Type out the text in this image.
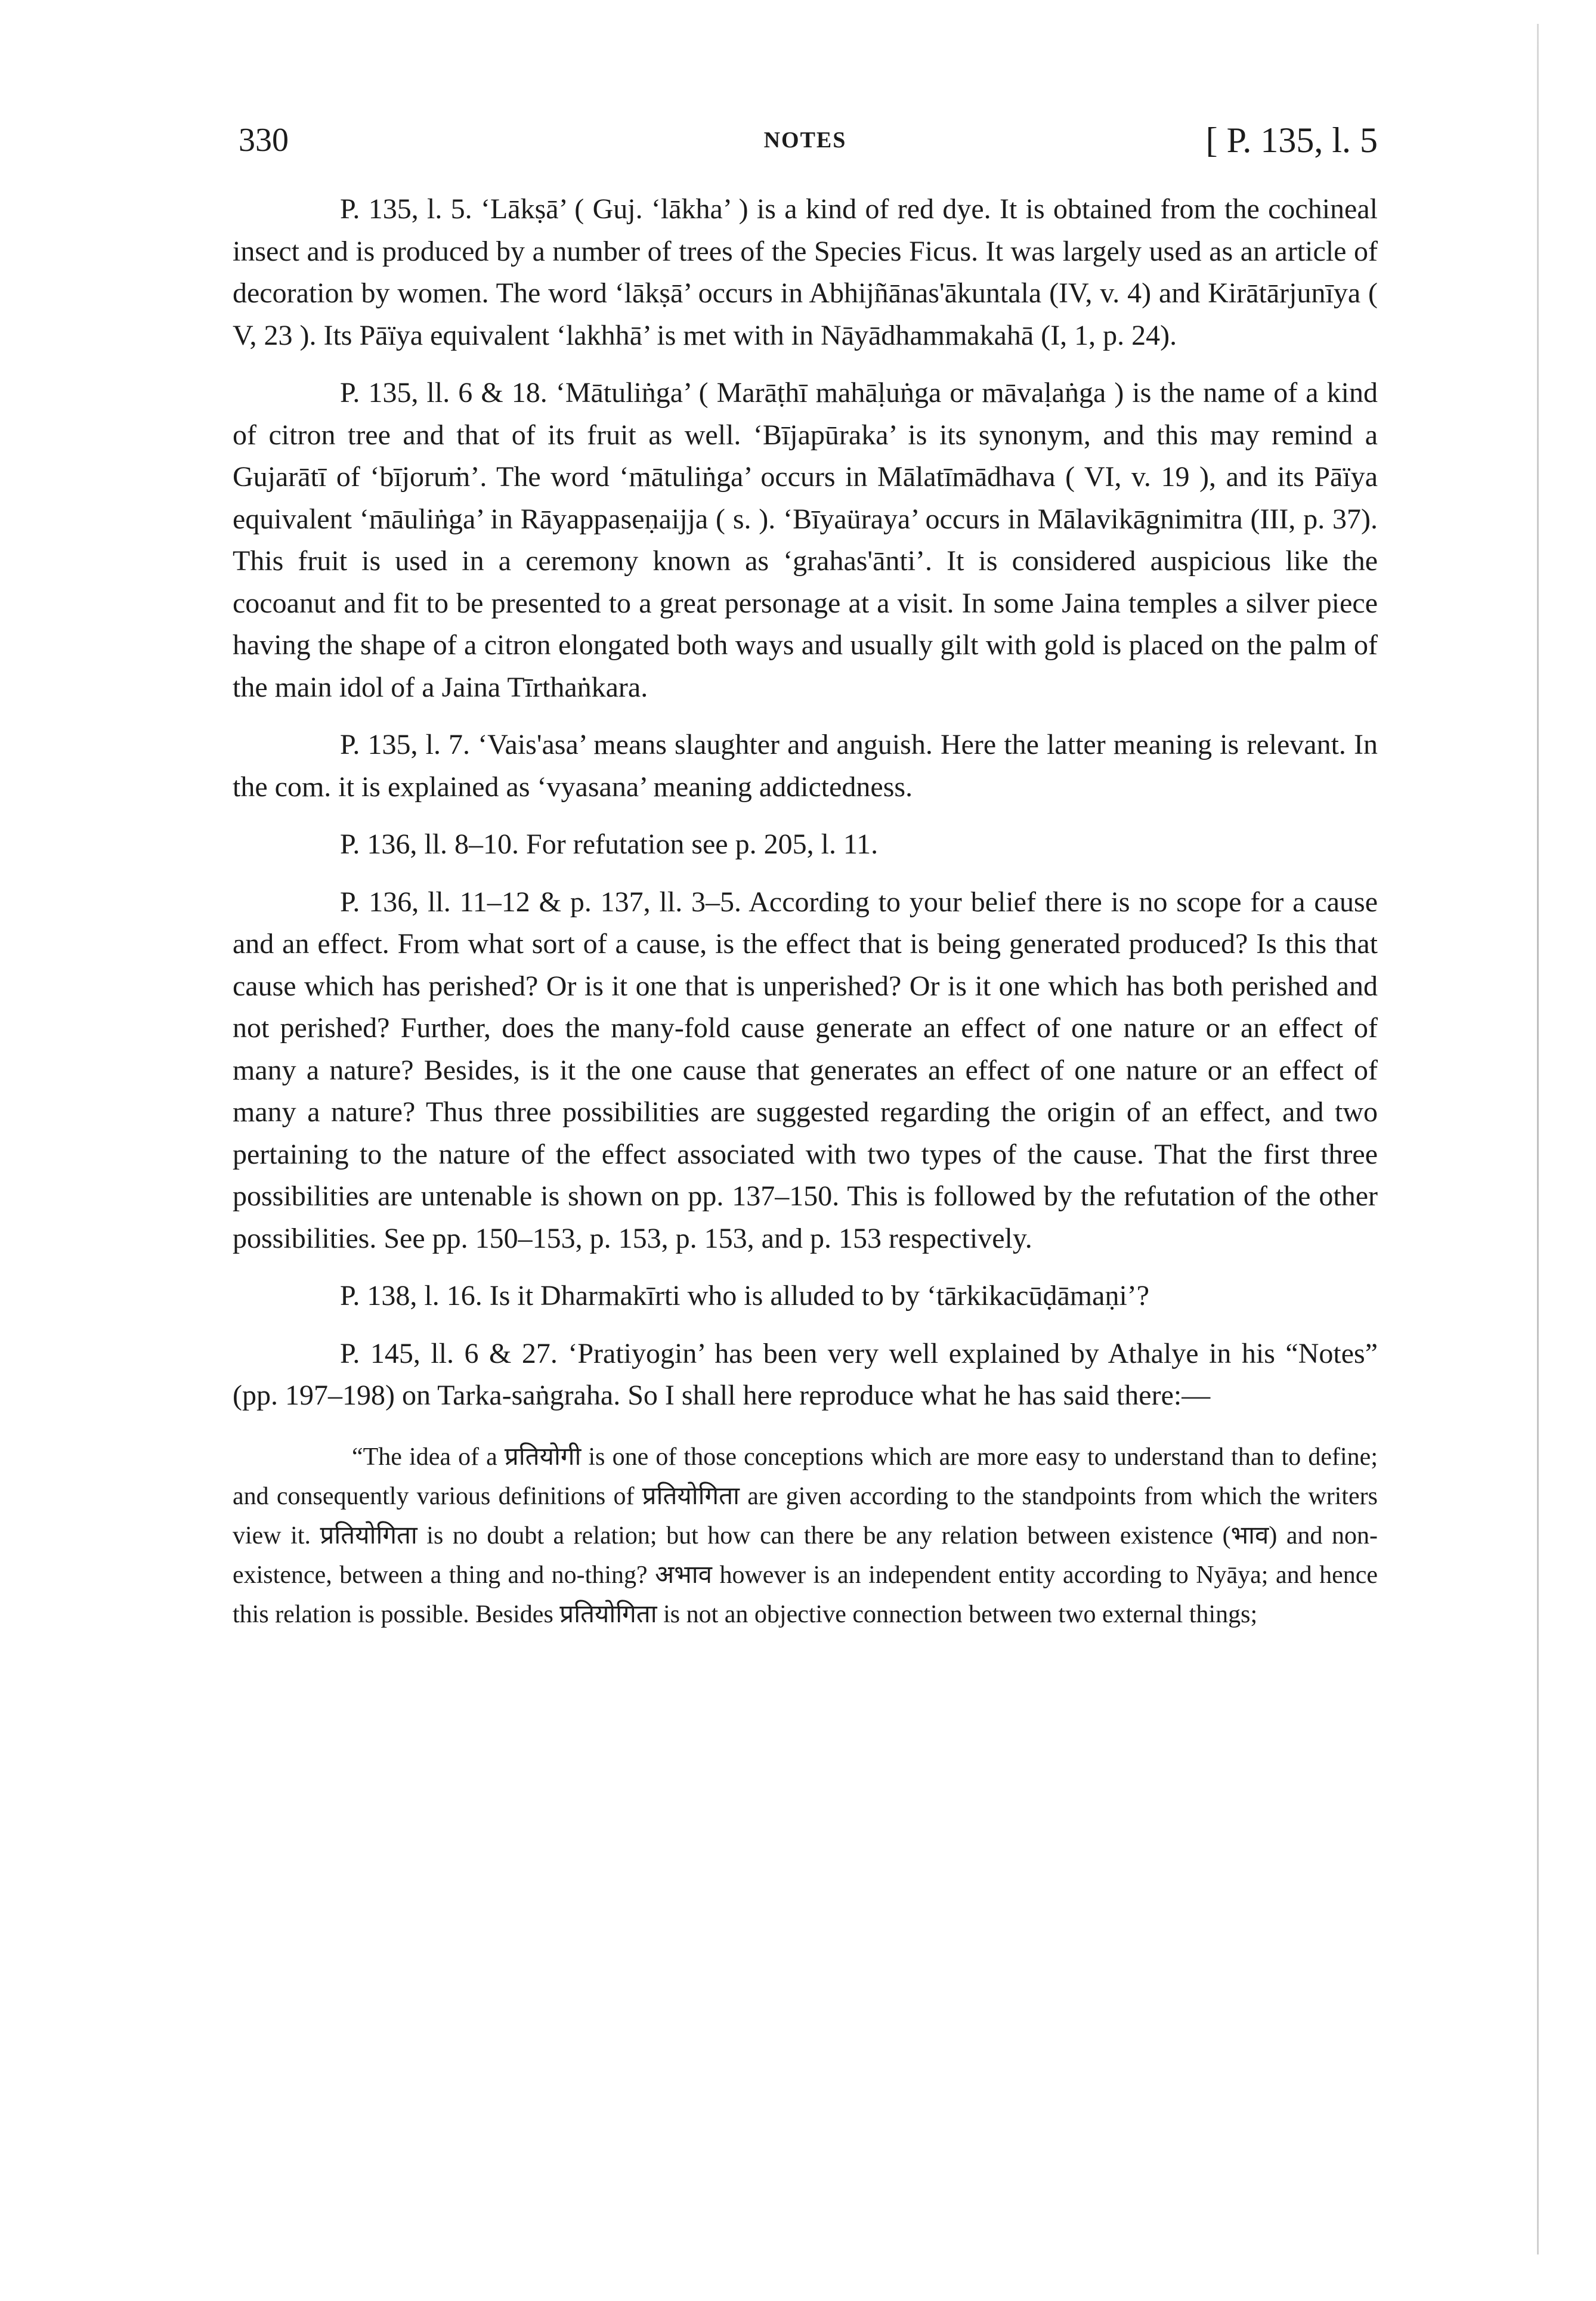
330	NOTES	[ P. 135, l. 5

P. 135, l. 5. ‘Lākṣā’ ( Guj. ‘lākha’ ) is a kind of red dye. It is obtained from the cochineal insect and is produced by a number of trees of the Species Ficus. It was largely used as an article of decoration by women. The word ‘lākṣā’ occurs in Abhijñānas'ākuntala (IV, v. 4) and Kirātārjunīya ( V, 23 ). Its Pāïya equivalent ‘lakhhā’ is met with in Nāyādhammakahā (I, 1, p. 24).

P. 135, ll. 6 & 18. ‘Mātuliṅga’ ( Marāṭhī mahāḷuṅga or māvaḷaṅga ) is the name of a kind of citron tree and that of its fruit as well. ‘Bījapūraka’ is its synonym, and this may remind a Gujarātī of ‘bījoruṁ’. The word ‘mātuliṅga’ occurs in Mālatīmādhava ( VI, v. 19 ), and its Pāïya equivalent ‘māuliṅga’ in Rāyappaseṇaijja ( s. ). ‘Bīyaüraya’ occurs in Mālavikāgnimitra (III, p. 37). This fruit is used in a ceremony known as ‘grahas'ānti’. It is considered auspicious like the cocoanut and fit to be presented to a great personage at a visit. In some Jaina temples a silver piece having the shape of a citron elongated both ways and usually gilt with gold is placed on the palm of the main idol of a Jaina Tīrthaṅkara.

P. 135, l. 7. ‘Vais'asa’ means slaughter and anguish. Here the latter meaning is relevant. In the com. it is explained as ‘vyasana’ meaning addictedness.

P. 136, ll. 8–10. For refutation see p. 205, l. 11.

P. 136, ll. 11–12 & p. 137, ll. 3–5. According to your belief there is no scope for a cause and an effect. From what sort of a cause, is the effect that is being generated produced? Is this that cause which has perished? Or is it one that is unperished? Or is it one which has both perished and not perished? Further, does the many-fold cause generate an effect of one nature or an effect of many a nature? Besides, is it the one cause that generates an effect of one nature or an effect of many a nature? Thus three possibilities are suggested regarding the origin of an effect, and two pertaining to the nature of the effect associated with two types of the cause. That the first three possibilities are untenable is shown on pp. 137–150. This is followed by the refutation of the other possibilities. See pp. 150–153, p. 153, p. 153, and p. 153 respectively.

P. 138, l. 16. Is it Dharmakīrti who is alluded to by ‘tārkikacūḍāmaṇi’?

P. 145, ll. 6 & 27. ‘Pratiyogin’ has been very well explained by Athalye in his “Notes” (pp. 197–198) on Tarka-saṅgraha. So I shall here reproduce what he has said there:—

“The idea of a प्रतियोगी is one of those conceptions which are more easy to understand than to define; and consequently various definitions of प्रतियोगिता are given according to the standpoints from which the writers view it. प्रतियोगिता is no doubt a relation; but how can there be any relation between existence (भाव) and non-existence, between a thing and no-thing? अभाव however is an independent entity according to Nyāya; and hence this relation is possible. Besides प्रतियोगिता is not an objective connection between two external things;
